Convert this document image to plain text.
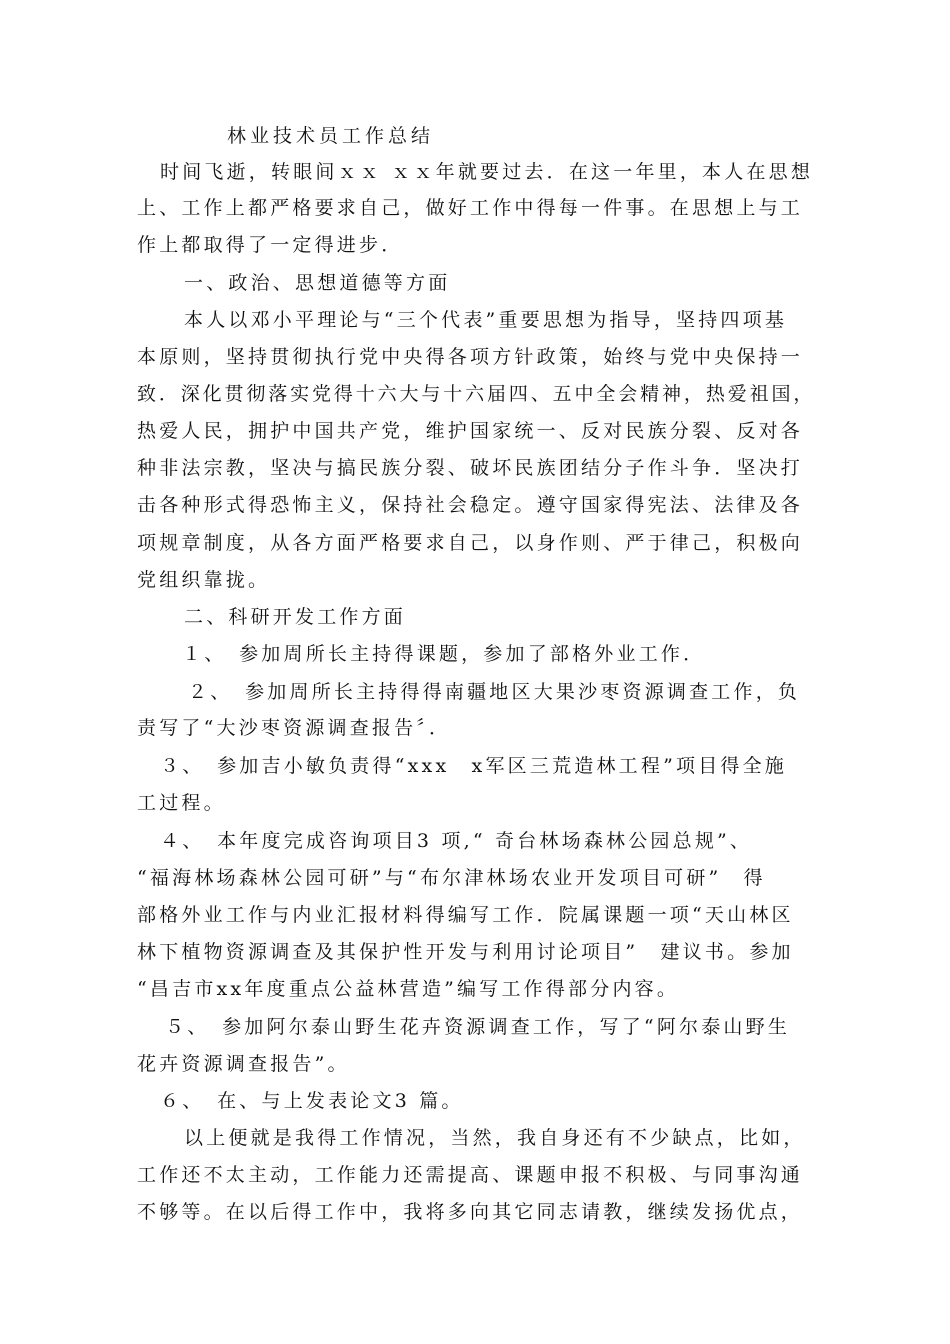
林业技术员工作总结
时间飞逝，转眼间ｘｘ ｘｘ年就要过去．在这一年里，本人在思想
上、工作上都严格要求自己，做好工作中得每一件事。在思想上与工
作上都取得了一定得进步．
一、政治、思想道德等方面
本人以邓小平理论与“三个代表”重要思想为指导，坚持四项基
本原则，坚持贯彻执行党中央得各项方针政策，始终与党中央保持一
致．深化贯彻落实党得十六大与十六届四、五中全会精神，热爱祖国，
热爱人民，拥护中国共产党，维护国家统一、反对民族分裂、反对各
种非法宗教，坚决与搞民族分裂、破坏民族团结分子作斗争．坚决打
击各种形式得恐怖主义，保持社会稳定。遵守国家得宪法、法律及各
项规章制度，从各方面严格要求自己，以身作则、严于律己，积极向
党组织靠拢。
二、科研开发工作方面
１、　参加周所长主持得课题，参加了部格外业工作．
２、　参加周所长主持得得南疆地区大果沙枣资源调查工作，负
责写了“大沙枣资源调查报告〞．
３、　参加吉小敏负责得“xxx　x军区三荒造林工程”项目得全施
工过程。
４、　本年度完成咨询项目3 项,“ 奇台林场森林公园总规”、
“福海林场森林公园可研”与“布尔津林场农业开发项目可研”　得
部格外业工作与内业汇报材料得编写工作．院属课题一项“天山林区
林下植物资源调查及其保护性开发与利用讨论项目”　建议书。参加
“昌吉市xx年度重点公益林营造”编写工作得部分内容。
５、　参加阿尔泰山野生花卉资源调查工作，写了“阿尔泰山野生
花卉资源调查报告”。
６、　在、与上发表论文3 篇。
以上便就是我得工作情况，当然，我自身还有不少缺点，比如，
工作还不太主动，工作能力还需提高、课题申报不积极、与同事沟通
不够等。在以后得工作中，我将多向其它同志请教，继续发扬优点，
